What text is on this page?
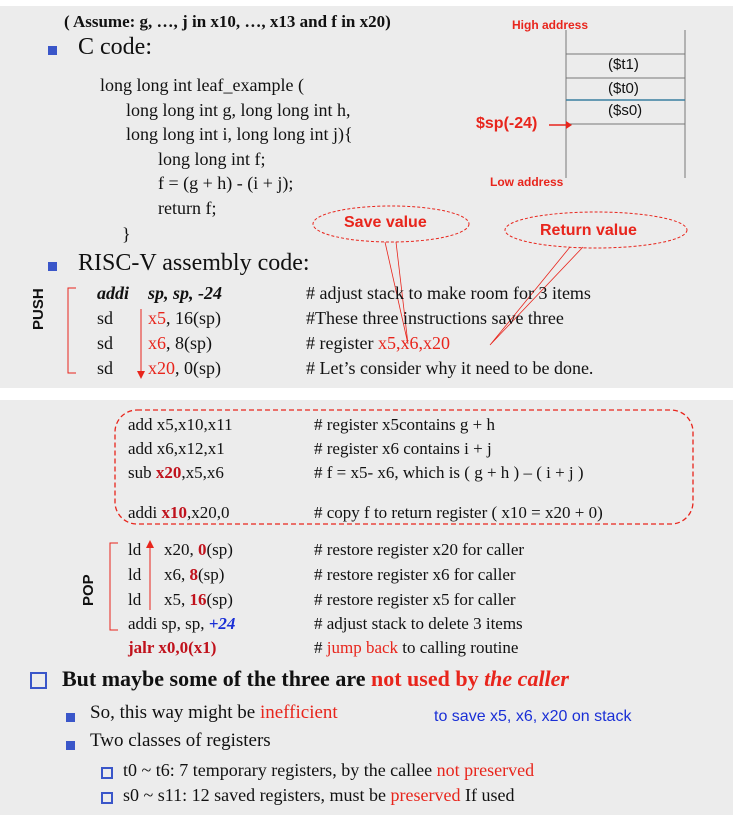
( Assume: g, …, j in x10, …, x13 and f in x20)
C code:
long long int leaf_example (
long long int g, long long int h,
long long int i, long long int j){
long long int f;
f = (g + h) - (i + j);
return f;
}
High address
Low address
($t1)
($t0)
($s0)
$sp(-24)
Save value	Return value
RISC-V assembly code:
PUSH	addi sp, sp, -24	# adjust stack to make room for 3 items
sd x5, 16(sp)	#These three instructions save three
sd x6, 8(sp)	# register x5,x6,x20
sd x20, 0(sp)	# Let’s consider why it need to be done.
add x5,x10,x11	# register x5contains g + h
add x6,x12,x1	# register x6 contains i + j
sub x20,x5,x6	# f = x5- x6, which is ( g + h ) – ( i + j )
addi x10,x20,0	# copy f to return register ( x10 = x20 + 0)
POP
ld x20, 0(sp)	# restore register x20 for caller
ld x6, 8(sp)	# restore register x6 for caller
ld x5, 16(sp)	# restore register x5 for caller
addi sp, sp, +24	# adjust stack to delete 3 items
jalr x0,0(x1)	# jump back to calling routine
But maybe some of the three are not used by the caller
So, this way might be inefficient	to save x5, x6, x20 on stack
Two classes of registers
t0 ~ t6: 7 temporary registers, by the callee not preserved
s0 ~ s11: 12 saved registers, must be preserved If used
